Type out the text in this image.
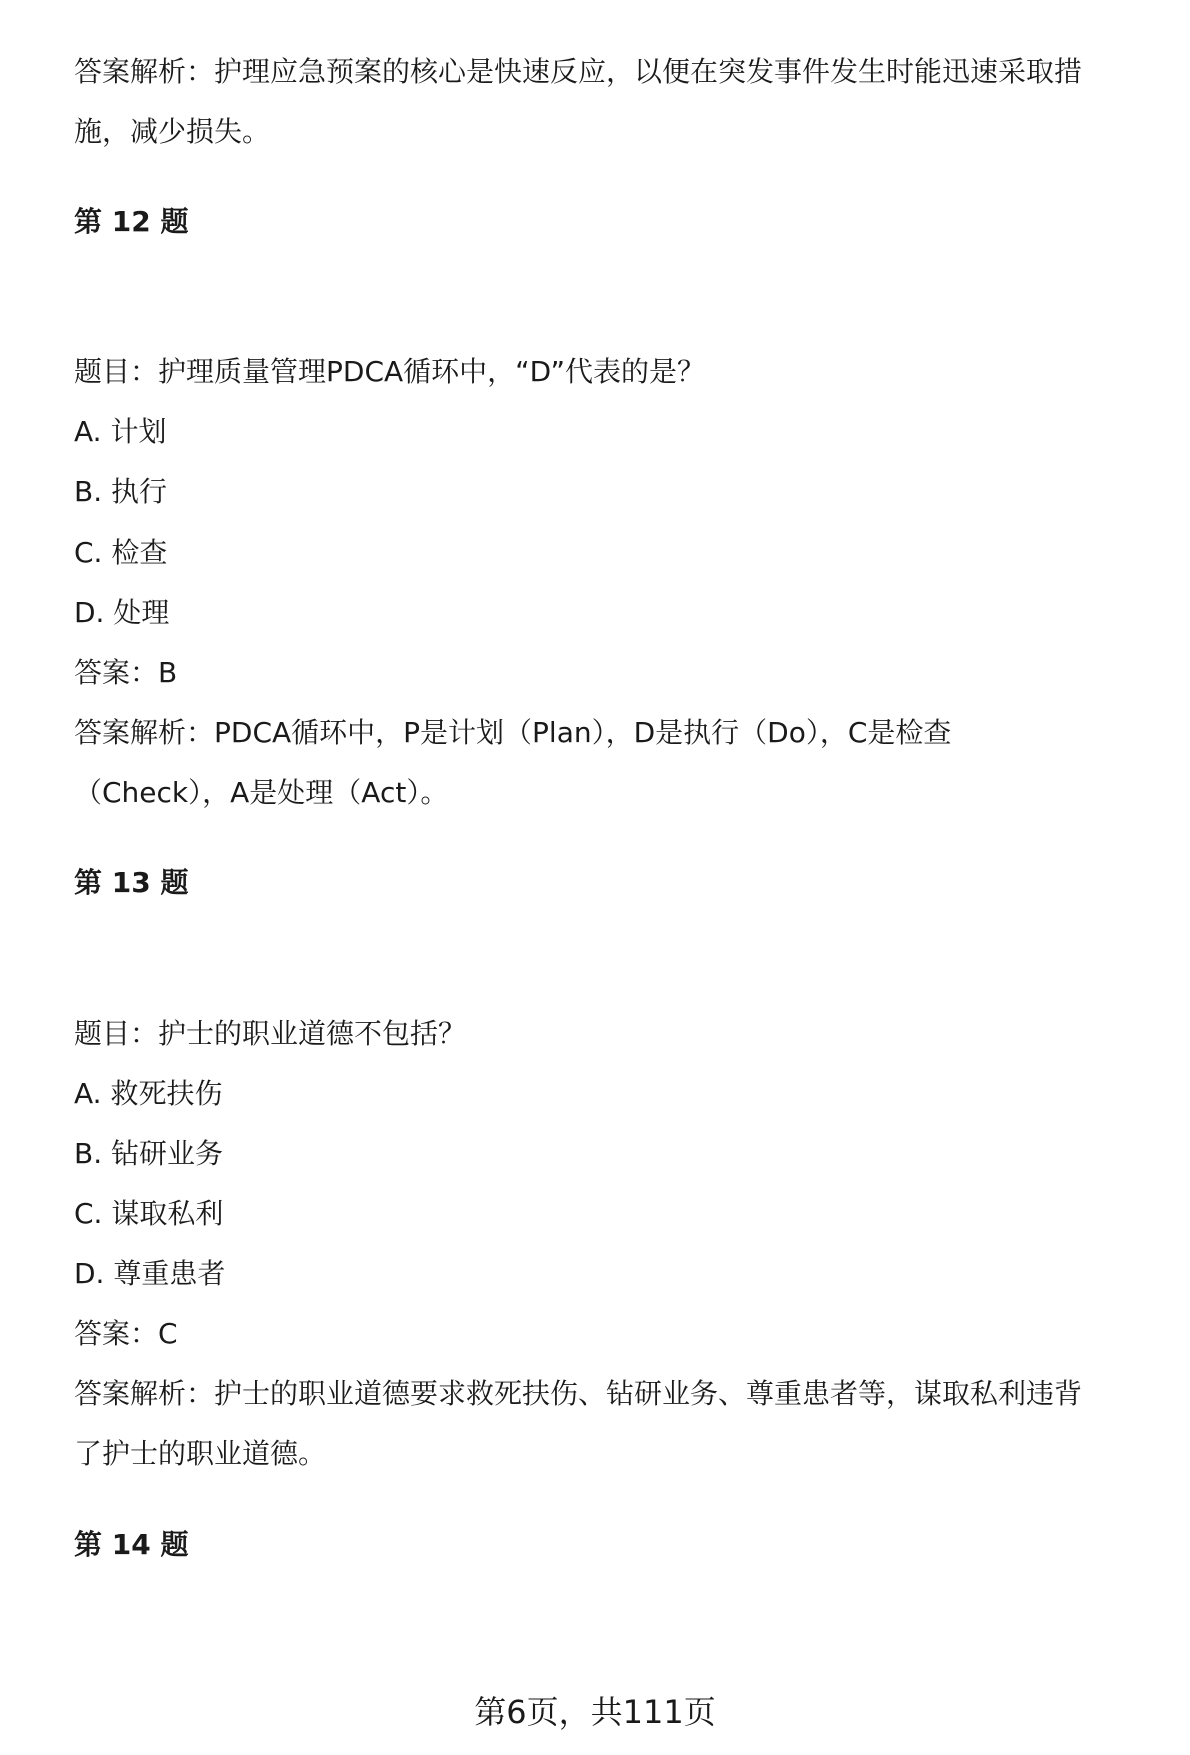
答案解析：护理应急预案的核心是快速反应，以便在突发事件发生时能迅速采取措
施，减少损失。
第 12 题
题目：护理质量管理PDCA循环中，“D”代表的是？
A. 计划
B. 执行
C. 检查
D. 处理
答案：B
答案解析：PDCA循环中，P是计划（Plan），D是执行（Do），C是检查
（Check），A是处理（Act）。
第 13 题
题目：护士的职业道德不包括？
A. 救死扶伤
B. 钻研业务
C. 谋取私利
D. 尊重患者
答案：C
答案解析：护士的职业道德要求救死扶伤、钻研业务、尊重患者等，谋取私利违背
了护士的职业道德。
第 14 题
第6页，共111页
